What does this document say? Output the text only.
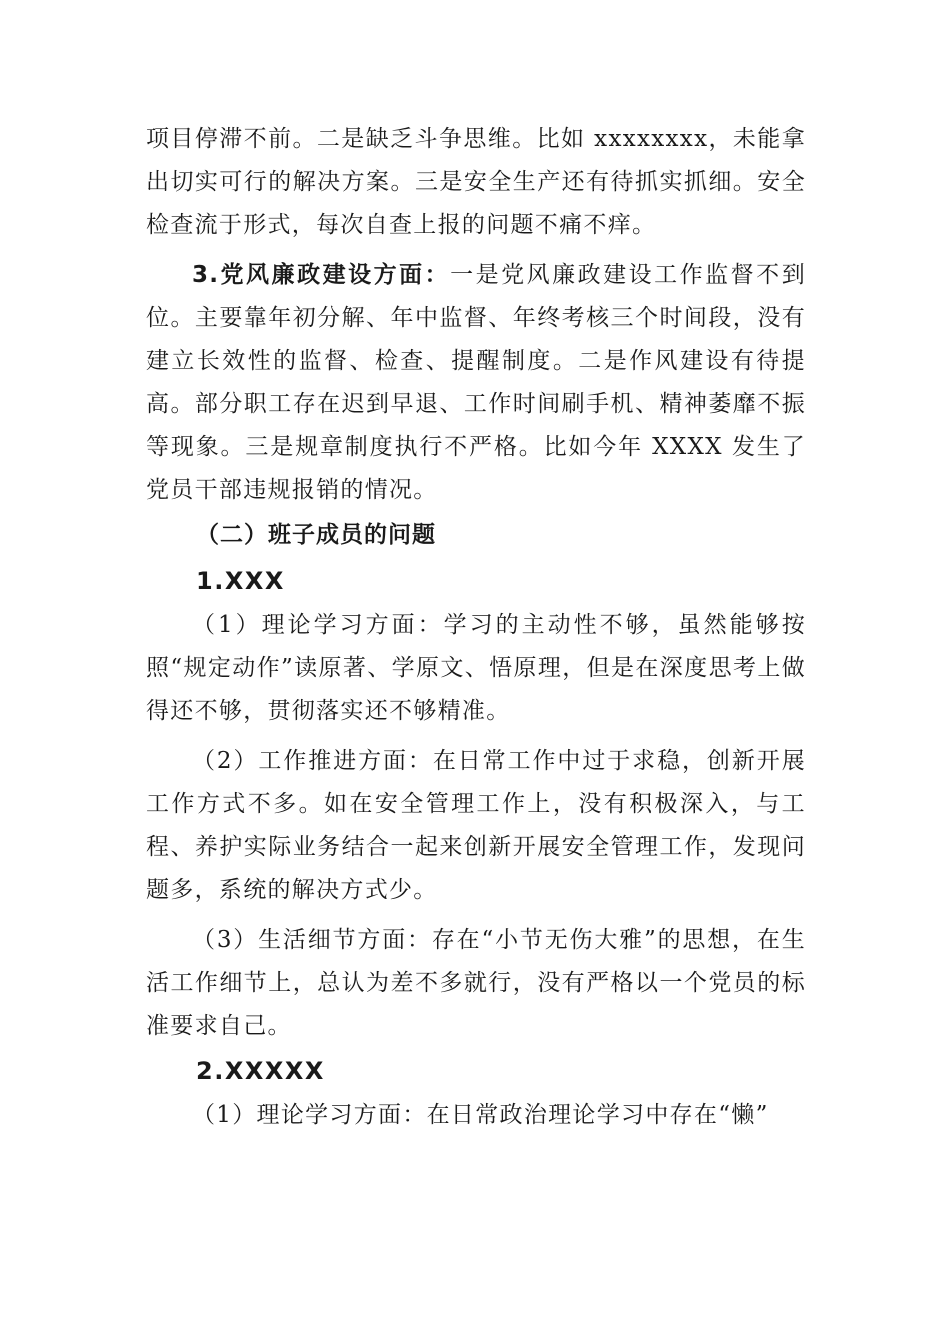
项目停滞不前。二是缺乏斗争思维。比如 xxxxxxxx，未能拿出切实可行的解决方案。三是安全生产还有待抓实抓细。安全检查流于形式，每次自查上报的问题不痛不痒。

3.党风廉政建设方面：一是党风廉政建设工作监督不到位。主要靠年初分解、年中监督、年终考核三个时间段，没有建立长效性的监督、检查、提醒制度。二是作风建设有待提高。部分职工存在迟到早退、工作时间刷手机、精神萎靡不振等现象。三是规章制度执行不严格。比如今年 XXXX 发生了党员干部违规报销的情况。

（二）班子成员的问题
1.XXX

（1）理论学习方面：学习的主动性不够，虽然能够按照“规定动作”读原著、学原文、悟原理，但是在深度思考上做得还不够，贯彻落实还不够精准。

（2）工作推进方面：在日常工作中过于求稳，创新开展工作方式不多。如在安全管理工作上，没有积极深入，与工程、养护实际业务结合一起来创新开展安全管理工作，发现问题多，系统的解决方式少。

（3）生活细节方面：存在“小节无伤大雅”的思想，在生活工作细节上，总认为差不多就行，没有严格以一个党员的标准要求自己。

2.XXXXX

（1）理论学习方面：在日常政治理论学习中存在“懒”
